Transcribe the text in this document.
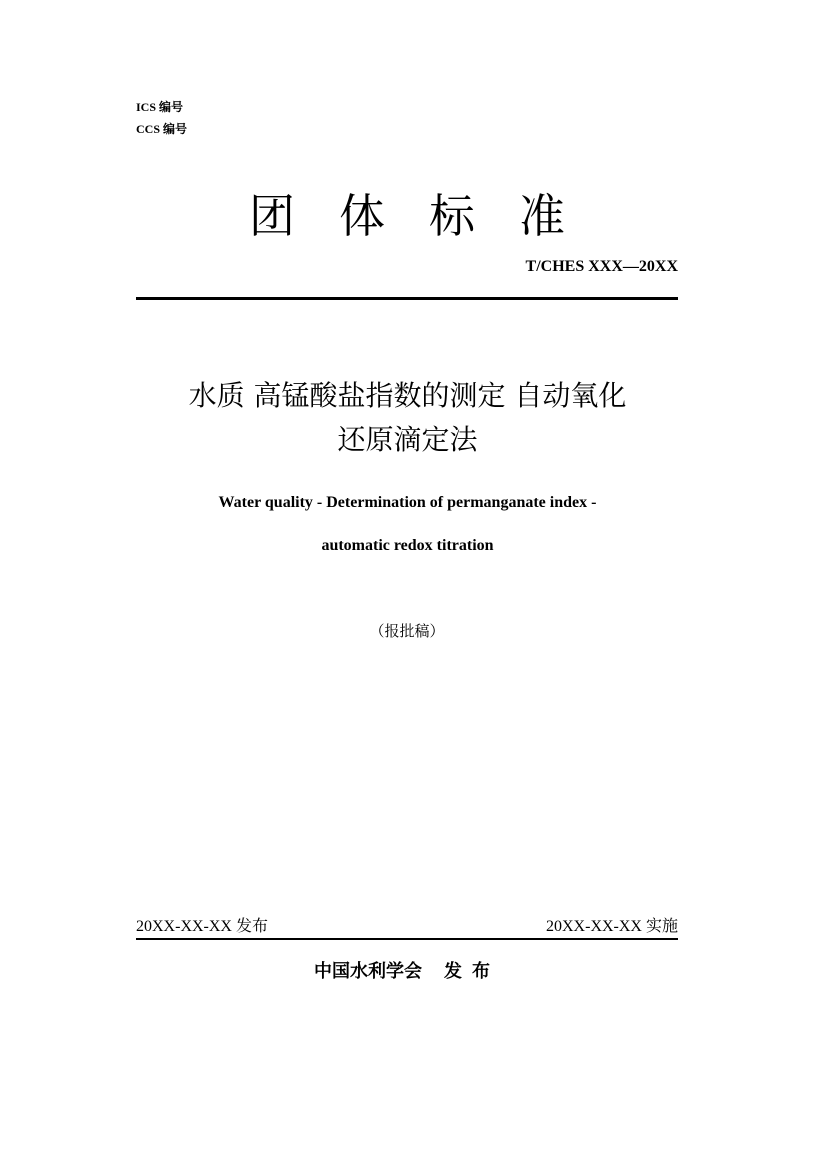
ICS 编号
CCS 编号
团体标准
T/CHES XXX—20XX
水质 高锰酸盐指数的测定 自动氧化
还原滴定法
Water quality - Determination of permanganate index -
automatic redox titration
（报批稿）
20XX-XX-XX 发布	20XX-XX-XX 实施
中国水利学会 发布
